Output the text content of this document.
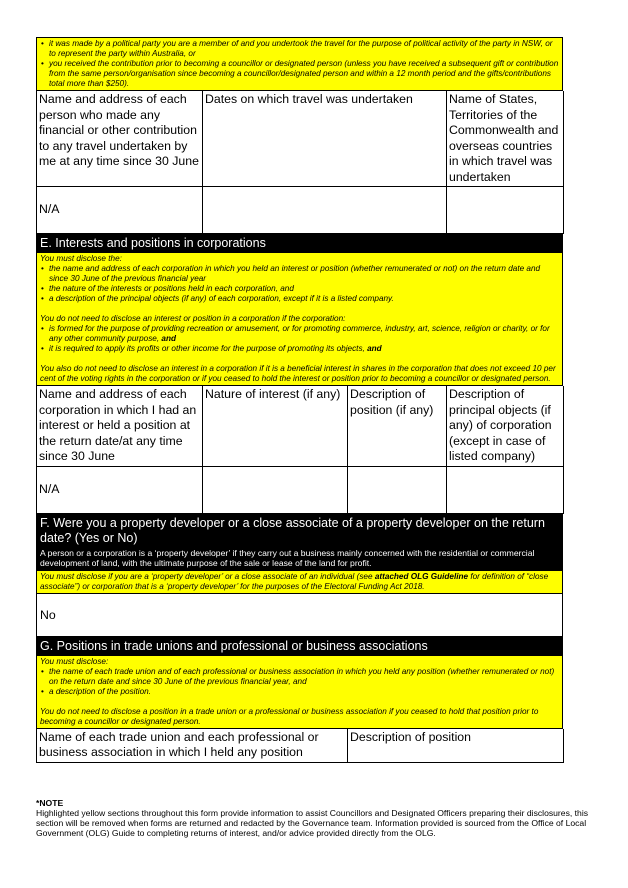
• it was made by a political party you are a member of and you undertook the travel for the purpose of political activity of the party in NSW, or to represent the party within Australia, or
• you received the contribution prior to becoming a councillor or designated person (unless you have received a subsequent gift or contribution from the same person/organisation since becoming a councillor/designated person and within a 12 month period and the gifts/contributions total more than $250).
Name and address of each person who made any financial or other contribution to any travel undertaken by me at any time since 30 June	Dates on which travel was undertaken	Name of States, Territories of the Commonwealth and overseas countries in which travel was undertaken
N/A		
E. Interests and positions in corporations

You must disclose the:

• the name and address of each corporation in which you held an interest or position (whether remunerated or not) on the return date and since 30 June of the previous financial year
• the nature of the interests or positions held in each corporation, and
• a description of the principal objects (if any) of each corporation, except if it is a listed company.

You do not need to disclose an interest or position in a corporation if the corporation:

• is formed for the purpose of providing recreation or amusement, or for promoting commerce, industry, art, science, religion or charity, or for any other community purpose, and
• it is required to apply its profits or other income for the purpose of promoting its objects, and

You also do not need to disclose an interest in a corporation if it is a beneficial interest in shares in the corporation that does not exceed 10 per cent of the voting rights in the corporation or if you ceased to hold the interest or position prior to becoming a councillor or designated person.

Name and address of each corporation in which I had an interest or held a position at the return date/at any time since 30 June	Nature of interest (if any)	Description of position (if any)	Description of principal objects (if any) of corporation (except in case of listed company)
N/A			
F. Were you a property developer or a close associate of a property developer on the return date? (Yes or No)
A person or a corporation is a ‘property developer’ if they carry out a business mainly concerned with the residential or commercial development of land, with the ultimate purpose of the sale or lease of the land for profit.

You must disclose if you are a ‘property developer’ or a close associate of an individual (see attached OLG Guideline for definition of “close associate”) or corporation that is a ‘property developer’ for the purposes of the Electoral Funding Act 2018.

No
G. Positions in trade unions and professional or business associations

You must disclose:

• the name of each trade union and of each professional or business association in which you held any position (whether remunerated or not) on the return date and since 30 June of the previous financial year, and
• a description of the position.

You do not need to disclose a position in a trade union or a professional or business association if you ceased to hold that position prior to becoming a councillor or designated person.

Name of each trade union and each professional or business association in which I held any position	Description of position

*NOTE

Highlighted yellow sections throughout this form provide information to assist Councillors and Designated Officers preparing their disclosures, this section will be removed when forms are returned and redacted by the Governance team. Information provided is sourced from the Office of Local Government (OLG) Guide to completing returns of interest, and/or advice provided directly from the OLG.
